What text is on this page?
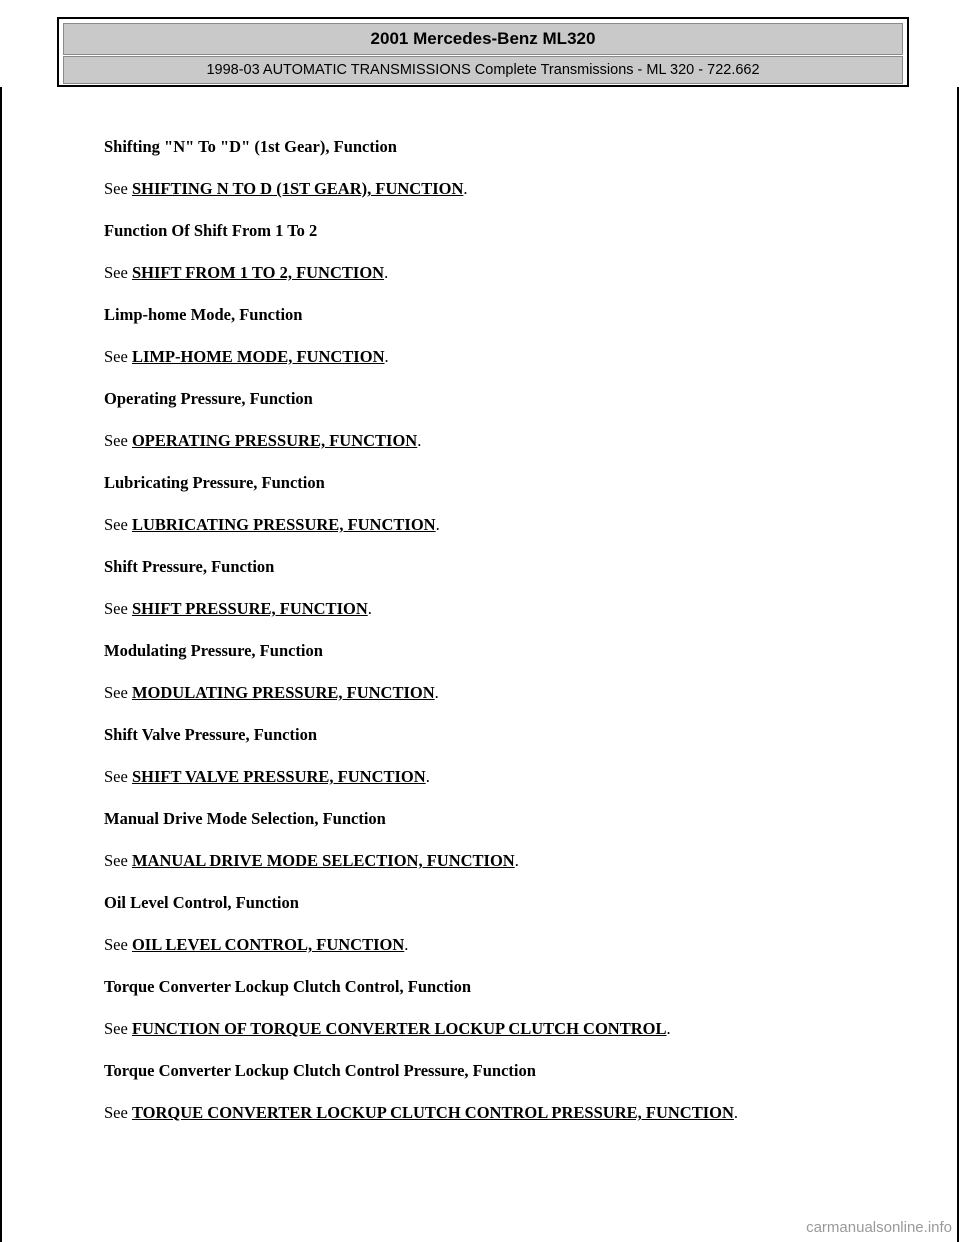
2001 Mercedes-Benz ML320
1998-03 AUTOMATIC TRANSMISSIONS Complete Transmissions - ML 320 - 722.662
Shifting "N" To "D" (1st Gear), Function
See SHIFTING N TO D (1ST GEAR), FUNCTION.
Function Of Shift From 1 To 2
See SHIFT FROM 1 TO 2, FUNCTION.
Limp-home Mode, Function
See LIMP-HOME MODE, FUNCTION.
Operating Pressure, Function
See OPERATING PRESSURE, FUNCTION.
Lubricating Pressure, Function
See LUBRICATING PRESSURE, FUNCTION.
Shift Pressure, Function
See SHIFT PRESSURE, FUNCTION.
Modulating Pressure, Function
See MODULATING PRESSURE, FUNCTION.
Shift Valve Pressure, Function
See SHIFT VALVE PRESSURE, FUNCTION.
Manual Drive Mode Selection, Function
See MANUAL DRIVE MODE SELECTION, FUNCTION.
Oil Level Control, Function
See OIL LEVEL CONTROL, FUNCTION.
Torque Converter Lockup Clutch Control, Function
See FUNCTION OF TORQUE CONVERTER LOCKUP CLUTCH CONTROL.
Torque Converter Lockup Clutch Control Pressure, Function
See TORQUE CONVERTER LOCKUP CLUTCH CONTROL PRESSURE, FUNCTION.
carmanualsonline.info
